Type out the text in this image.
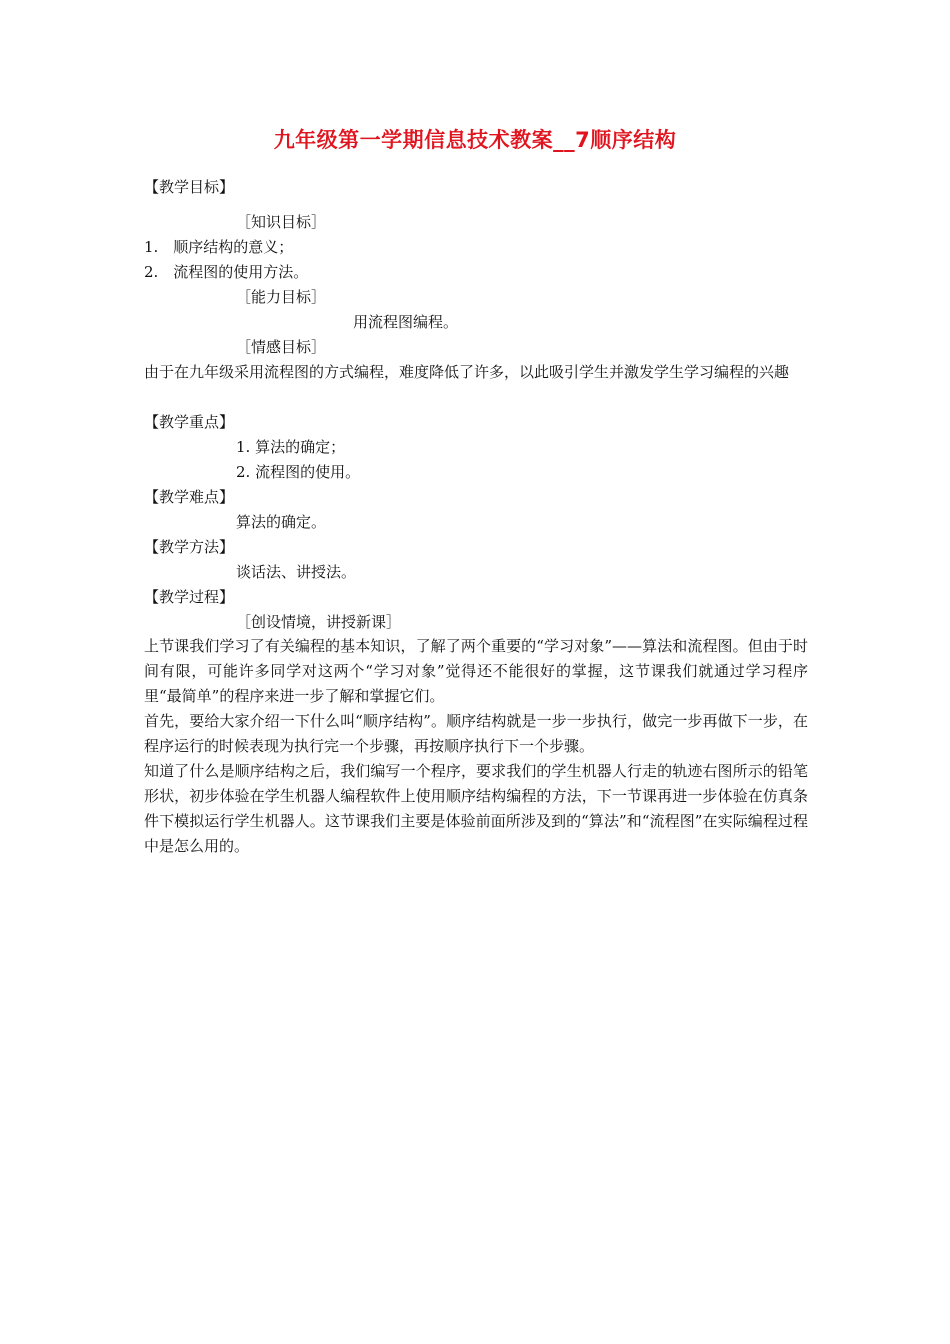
九年级第一学期信息技术教案__7顺序结构
【教学目标】
［知识目标］
1.　顺序结构的意义；
2.　流程图的使用方法。
［能力目标］
用流程图编程。
［情感目标］
由于在九年级采用流程图的方式编程，难度降低了许多，以此吸引学生并激发学生学习编程的兴趣
【教学重点】
1. 算法的确定；
2. 流程图的使用。
【教学难点】
算法的确定。
【教学方法】
谈话法、讲授法。
【教学过程】
［创设情境，讲授新课］
上节课我们学习了有关编程的基本知识，了解了两个重要的“学习对象”——算法和流程图。但由于时间有限，可能许多同学对这两个“学习对象”觉得还不能很好的掌握，这节课我们就通过学习程序里“最简单”的程序来进一步了解和掌握它们。
首先，要给大家介绍一下什么叫“顺序结构”。顺序结构就是一步一步执行，做完一步再做下一步，在程序运行的时候表现为执行完一个步骤，再按顺序执行下一个步骤。
知道了什么是顺序结构之后，我们编写一个程序，要求我们的学生机器人行走的轨迹右图所示的铅笔形状，初步体验在学生机器人编程软件上使用顺序结构编程的方法，下一节课再进一步体验在仿真条件下模拟运行学生机器人。这节课我们主要是体验前面所涉及到的“算法”和“流程图”在实际编程过程中是怎么用的。
